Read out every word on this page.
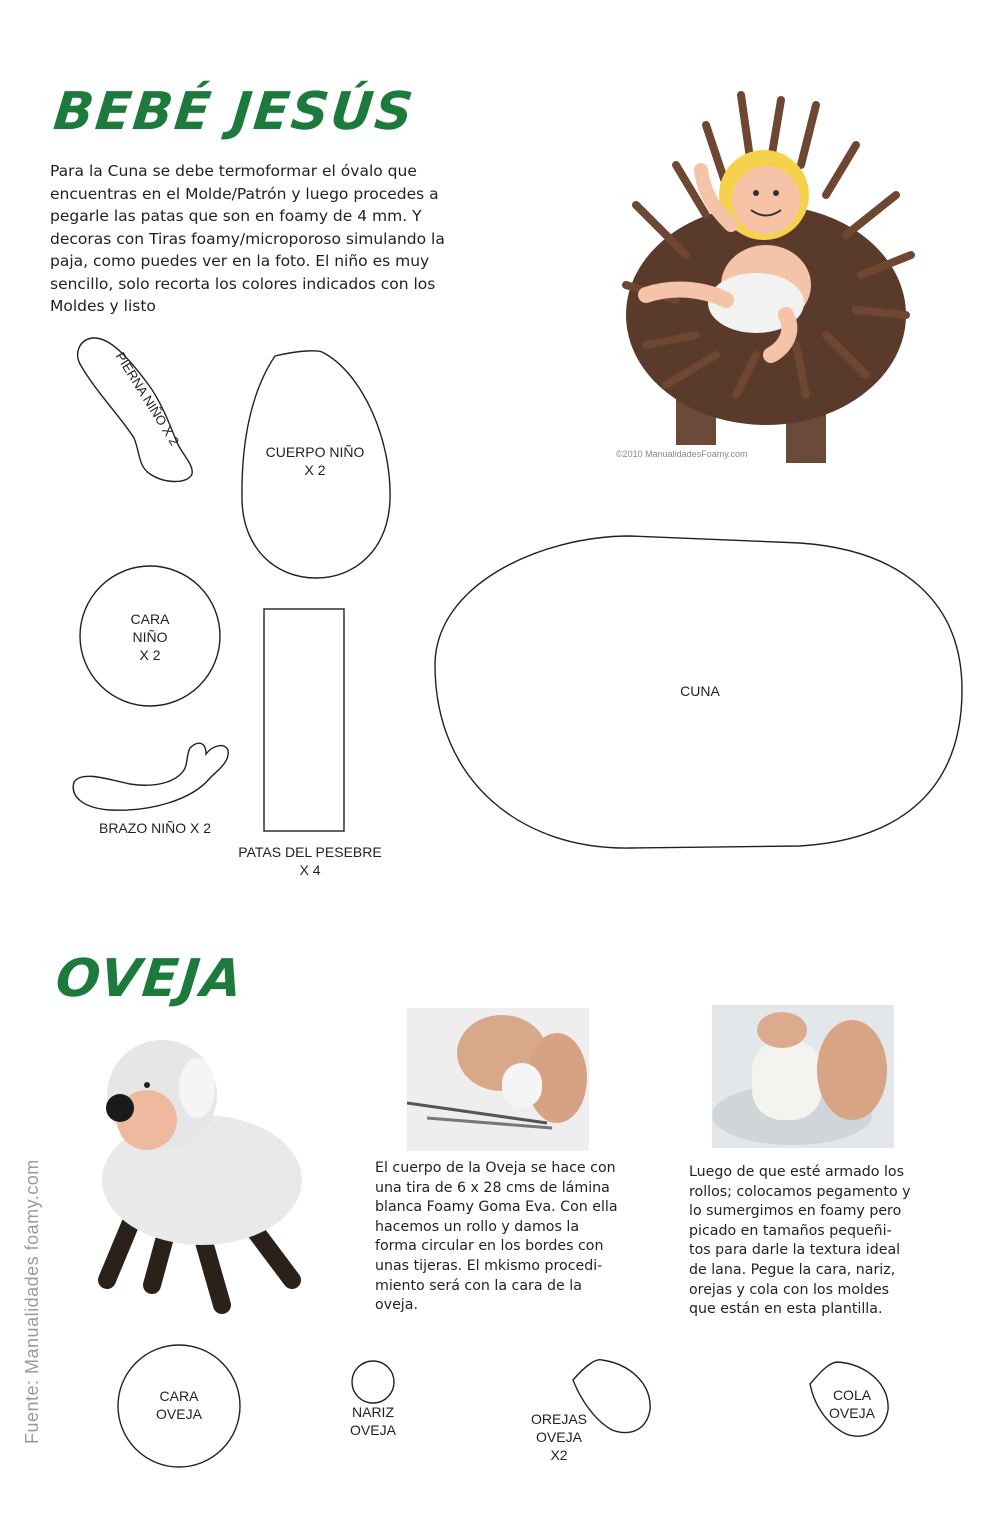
BEBÉ JESÚS
OVEJA
Para la Cuna se debe termoformar el óvalo que
encuentras en el Molde/Patrón y luego procedes a
pegarle las patas que son en foamy de 4 mm. Y
decoras con Tiras foamy/microporoso simulando la
paja, como puedes ver en la foto. El niño es muy
sencillo, solo recorta los colores indicados con los
Moldes y listo
PIERNA NIÑO X 2
CUERPO NIÑO
X 2
CARA
NIÑO
X 2
BRAZO NIÑO X 2
PATAS DEL PESEBRE
X 4
CUNA
©2010 ManualidadesFoamy.com
El cuerpo de la Oveja se hace con
una tira de 6 x 28 cms de lámina
blanca Foamy Goma Eva. Con ella
hacemos un rollo y damos la
forma circular en los bordes con
unas tijeras. El mkismo procedi-
miento será con la cara de la
oveja.
Luego de que esté armado los
rollos; colocamos pegamento y
lo sumergimos en foamy pero
picado en tamaños pequeñi-
tos para darle la textura ideal
de lana. Pegue la cara, nariz,
orejas y cola con los moldes
que están en esta plantilla.
CARA
OVEJA	NARIZ
OVEJA
OREJAS
OVEJA
X2
COLA
OVEJA
Fuente: Manualidades foamy.com
